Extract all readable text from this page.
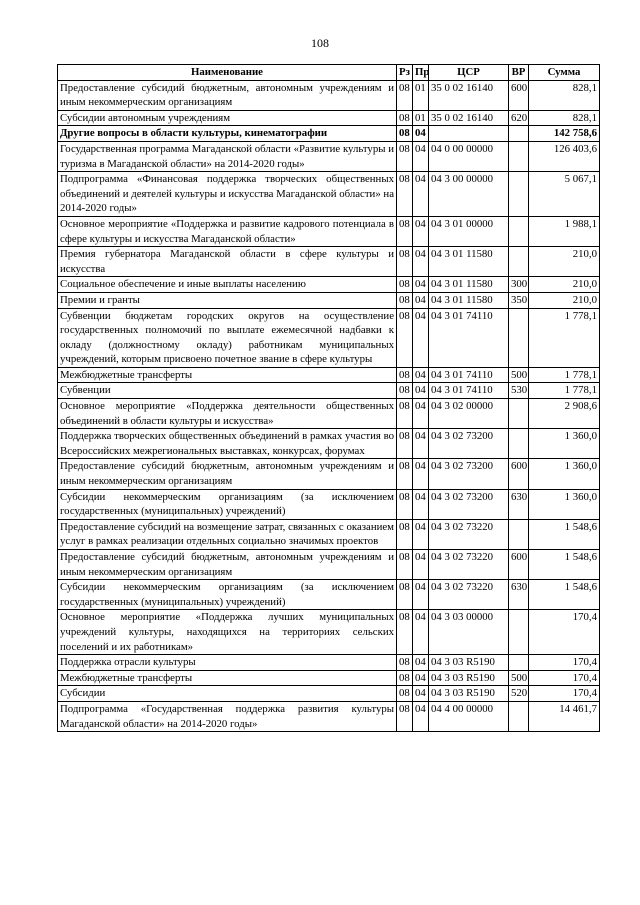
108
Наименование	Рз	Пр	ЦСР	ВР	Сумма
Предоставление субсидий бюджетным, автономным учреждениям и иным некоммерческим организациям	08	01	35 0 02 16140	600	828,1
Субсидии автономным учреждениям	08	01	35 0 02 16140	620	828,1
Другие вопросы в области культуры, кинематографии	08	04			142 758,6
Государственная программа Магаданской области «Развитие культуры и туризма в Магаданской области» на 2014-2020 годы»	08	04	04 0 00 00000		126 403,6
Подпрограмма «Финансовая поддержка творческих общественных объединений и деятелей культуры и искусства Магаданской области» на 2014-2020 годы»	08	04	04 3 00 00000		5 067,1
Основное мероприятие «Поддержка и развитие кадрового потенциала в сфере культуры и искусства Магаданской области»	08	04	04 3 01 00000		1 988,1
Премия губернатора Магаданской области в сфере культуры и искусства	08	04	04 3 01 11580		210,0
Социальное обеспечение и иные выплаты населению	08	04	04 3 01 11580	300	210,0
Премии и гранты	08	04	04 3 01 11580	350	210,0
Субвенции бюджетам городских округов на осуществление государственных полномочий по выплате ежемесячной надбавки к окладу (должностному окладу) работникам муниципальных учреждений, которым присвоено почетное звание в сфере культуры	08	04	04 3 01 74110		1 778,1
Межбюджетные трансферты	08	04	04 3 01 74110	500	1 778,1
Субвенции	08	04	04 3 01 74110	530	1 778,1
Основное мероприятие «Поддержка деятельности общественных объединений в области культуры и искусства»	08	04	04 3 02 00000		2 908,6
Поддержка творческих общественных объединений в рамках участия во Всероссийских межрегиональных выставках, конкурсах, форумах	08	04	04 3 02 73200		1 360,0
Предоставление субсидий бюджетным, автономным учреждениям и иным некоммерческим организациям	08	04	04 3 02 73200	600	1 360,0
Субсидии некоммерческим организациям (за исключением государственных (муниципальных) учреждений)	08	04	04 3 02 73200	630	1 360,0
Предоставление субсидий на возмещение затрат, связанных с оказанием услуг в рамках реализации отдельных социально значимых проектов	08	04	04 3 02 73220		1 548,6
Предоставление субсидий бюджетным, автономным учреждениям и иным некоммерческим организациям	08	04	04 3 02 73220	600	1 548,6
Субсидии некоммерческим организациям (за исключением государственных (муниципальных) учреждений)	08	04	04 3 02 73220	630	1 548,6
Основное мероприятие «Поддержка лучших муниципальных учреждений культуры, находящихся на территориях сельских поселений и их работникам»	08	04	04 3 03 00000		170,4
Поддержка отрасли культуры	08	04	04 3 03 R5190		170,4
Межбюджетные трансферты	08	04	04 3 03 R5190	500	170,4
Субсидии	08	04	04 3 03 R5190	520	170,4
Подпрограмма «Государственная поддержка развития культуры Магаданской области» на 2014-2020 годы»	08	04	04 4 00 00000		14 461,7
